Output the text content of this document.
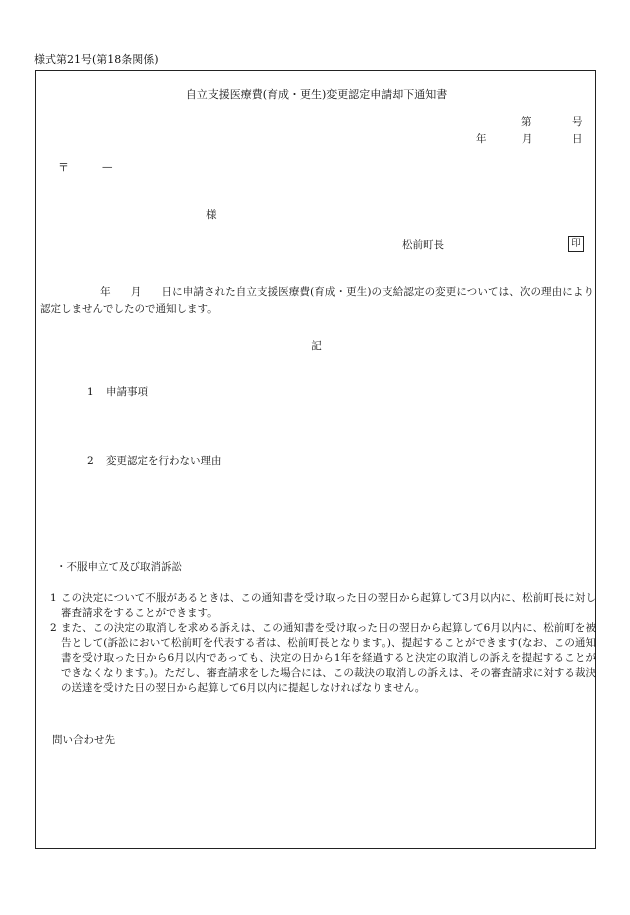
様式第21号(第18条関係)
自立支援医療費(育成・更生)変更認定申請却下通知書
第	号
年	月	日
〒	—
様
松前町長	印
年 月 日に申請された自立支援医療費(育成・更生)の支給認定の変更については、次の理由により認定しませんでしたので通知します。
記
1 申請事項
2 変更認定を行わない理由
・不服申立て及び取消訴訟

1 この決定について不服があるときは、この通知書を受け取った日の翌日から起算して3月以内に、松前町長に対し審査請求をすることができます。

2 また、この決定の取消しを求める訴えは、この通知書を受け取った日の翌日から起算して6月以内に、松前町を被告として(訴訟において松前町を代表する者は、松前町長となります。)、提起することができます(なお、この通知書を受け取った日から6月以内であっても、決定の日から1年を経過すると決定の取消しの訴えを提起することができなくなります。)。ただし、審査請求をした場合には、この裁決の取消しの訴えは、その審査請求に対する裁決の送達を受けた日の翌日から起算して6月以内に提起しなければなりません。

問い合わせ先
